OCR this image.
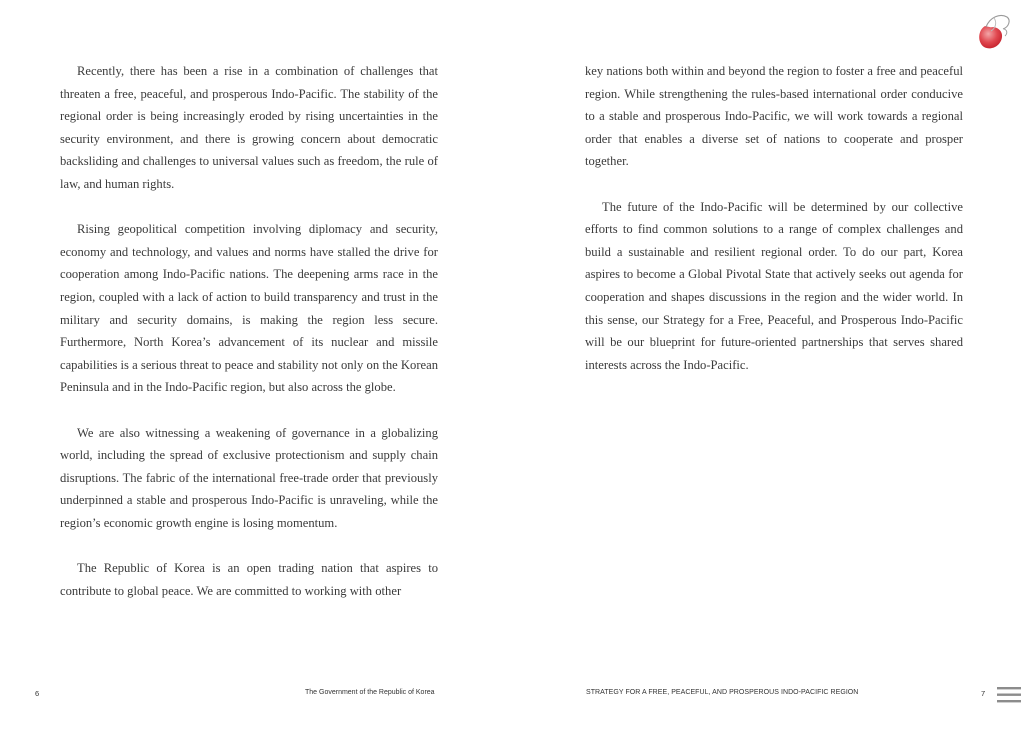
Recently, there has been a rise in a combination of challenges that threaten a free, peaceful, and prosperous Indo-Pacific. The stability of the regional order is being increasingly eroded by rising uncertainties in the security environment, and there is growing concern about democratic backsliding and challenges to universal values such as freedom, the rule of law, and human rights.

Rising geopolitical competition involving diplomacy and security, economy and technology, and values and norms have stalled the drive for cooperation among Indo-Pacific nations. The deepening arms race in the region, coupled with a lack of action to build transparency and trust in the military and security domains, is making the region less secure. Furthermore, North Korea’s advancement of its nuclear and missile capabilities is a serious threat to peace and stability not only on the Korean Peninsula and in the Indo-Pacific region, but also across the globe.

We are also witnessing a weakening of governance in a globalizing world, including the spread of exclusive protectionism and supply chain disruptions. The fabric of the international free-trade order that previously underpinned a stable and prosperous Indo-Pacific is unraveling, while the region’s economic growth engine is losing momentum.

The Republic of Korea is an open trading nation that aspires to contribute to global peace. We are committed to working with other

6	The Government of the Republic of Korea

key nations both within and beyond the region to foster a free and peaceful region. While strengthening the rules-based international order conducive to a stable and prosperous Indo-Pacific, we will work towards a regional order that enables a diverse set of nations to cooperate and prosper together.

The future of the Indo-Pacific will be determined by our collective efforts to find common solutions to a range of complex challenges and build a sustainable and resilient regional order. To do our part, Korea aspires to become a Global Pivotal State that actively seeks out agenda for cooperation and shapes discussions in the region and the wider world. In this sense, our Strategy for a Free, Peaceful, and Prosperous Indo-Pacific will be our blueprint for future-oriented partnerships that serves shared interests across the Indo-Pacific.

STRATEGY FOR A FREE, PEACEFUL, AND PROSPEROUS INDO-PACIFIC REGION	7
